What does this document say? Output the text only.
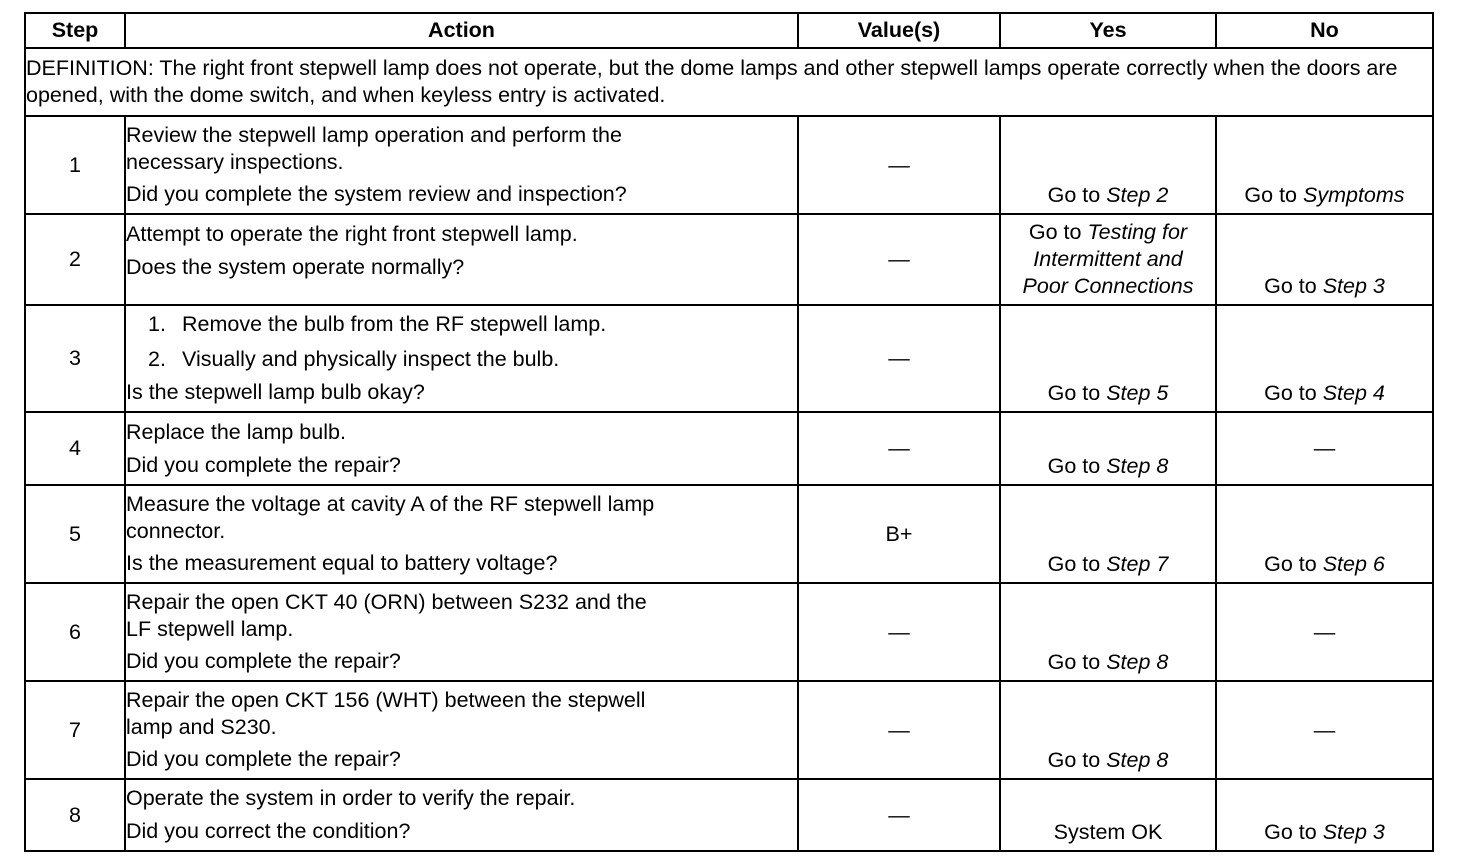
Step	Action	Value(s)	Yes	No
DEFINITION: The right front stepwell lamp does not operate, but the dome lamps and other stepwell lamps operate correctly when the doors are opened, with the dome switch, and when keyless entry is activated.				
1	Review the stepwell lamp operation and perform the
necessary inspections.
Did you complete the system review and inspection?	—	Go to Step 2	Go to Symptoms
2	Attempt to operate the right front stepwell lamp.
Does the system operate normally?	—	Go to Testing for
Intermittent and
Poor Connections	Go to Step 3
3	1. Remove the bulb from the RF stepwell lamp.
2. Visually and physically inspect the bulb.
Is the stepwell lamp bulb okay?	—	Go to Step 5	Go to Step 4
4	Replace the lamp bulb.
Did you complete the repair?	—	Go to Step 8	—
5	Measure the voltage at cavity A of the RF stepwell lamp
connector.
Is the measurement equal to battery voltage?	B+	Go to Step 7	Go to Step 6
6	Repair the open CKT 40 (ORN) between S232 and the
LF stepwell lamp.
Did you complete the repair?	—	Go to Step 8	—
7	Repair the open CKT 156 (WHT) between the stepwell
lamp and S230.
Did you complete the repair?	—	Go to Step 8	—
8	Operate the system in order to verify the repair.
Did you correct the condition?	—	System OK	Go to Step 3
